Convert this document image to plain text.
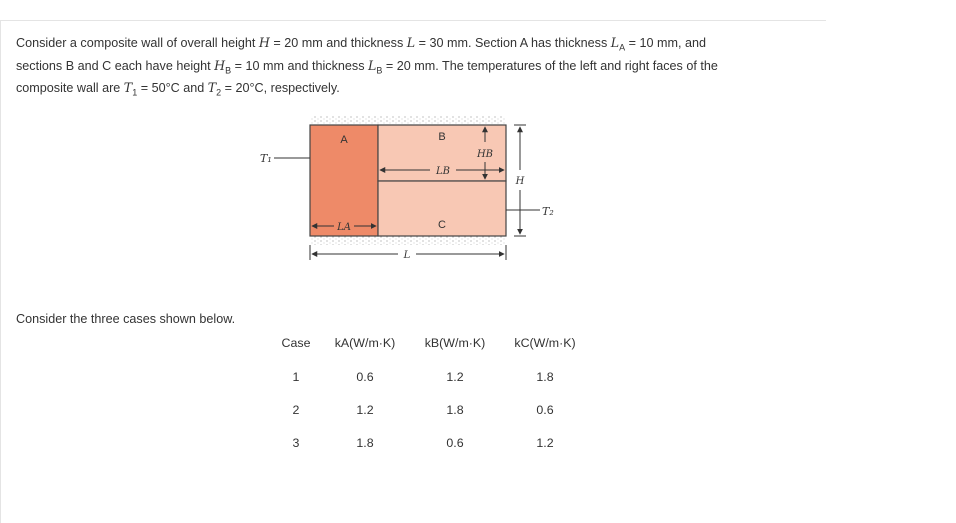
Consider a composite wall of overall height H = 20 mm and thickness L = 30 mm. Section A has thickness $L_A = 10$ mm, and
sections B and C each have height $H_B = 10$ mm and thickness $L_B = 20$ mm. The temperatures of the left and right faces of the
composite wall are $T_1 = 50^\circ C$ and $T_2 = 20^\circ C$, respectively.
T₁
T₂
A	B
C
LB
HB
H
LA
L
Consider the three cases shown below.
Case	kA(W/m·K)	kB(W/m·K)	kC(W/m·K)
1	0.6	1.2	1.8
2	1.2	1.8	0.6
3	1.8	0.6	1.2
